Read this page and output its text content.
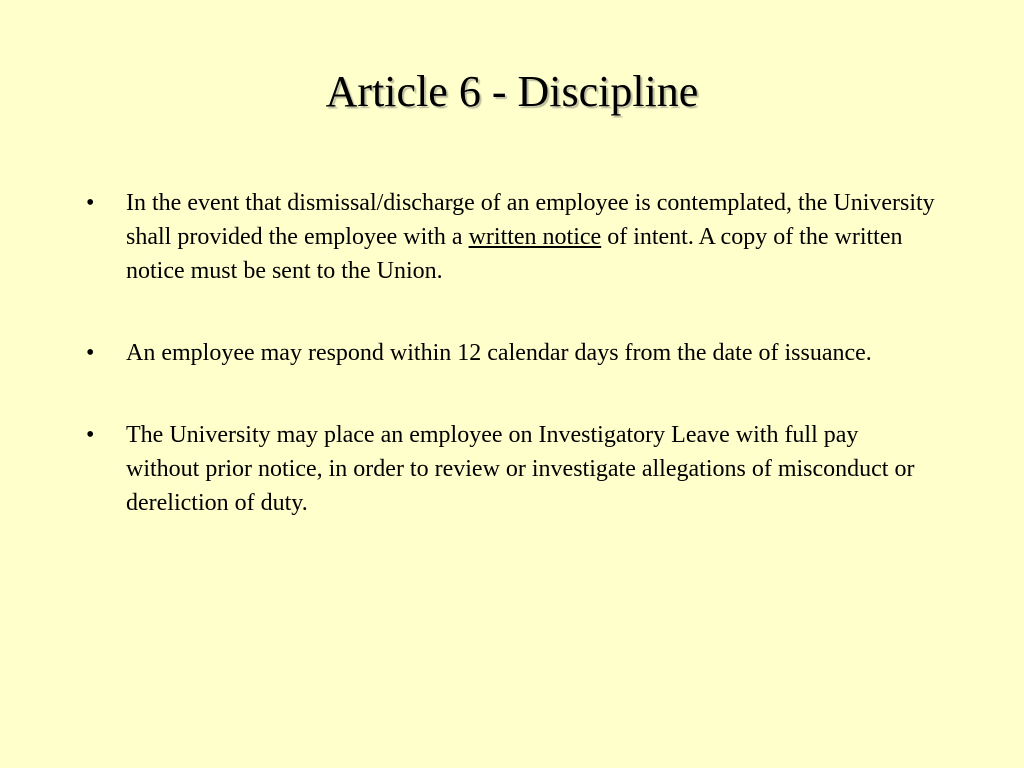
Article 6 - Discipline
•	In the event that dismissal/discharge of an employee is contemplated, the University shall provided the employee with a written notice of intent. A copy of the written notice must be sent to the Union.
•	An employee may respond within 12 calendar days from the date of issuance.
•	The University may place an employee on Investigatory Leave with full pay without prior notice, in order to review or investigate allegations of misconduct or dereliction of duty.
